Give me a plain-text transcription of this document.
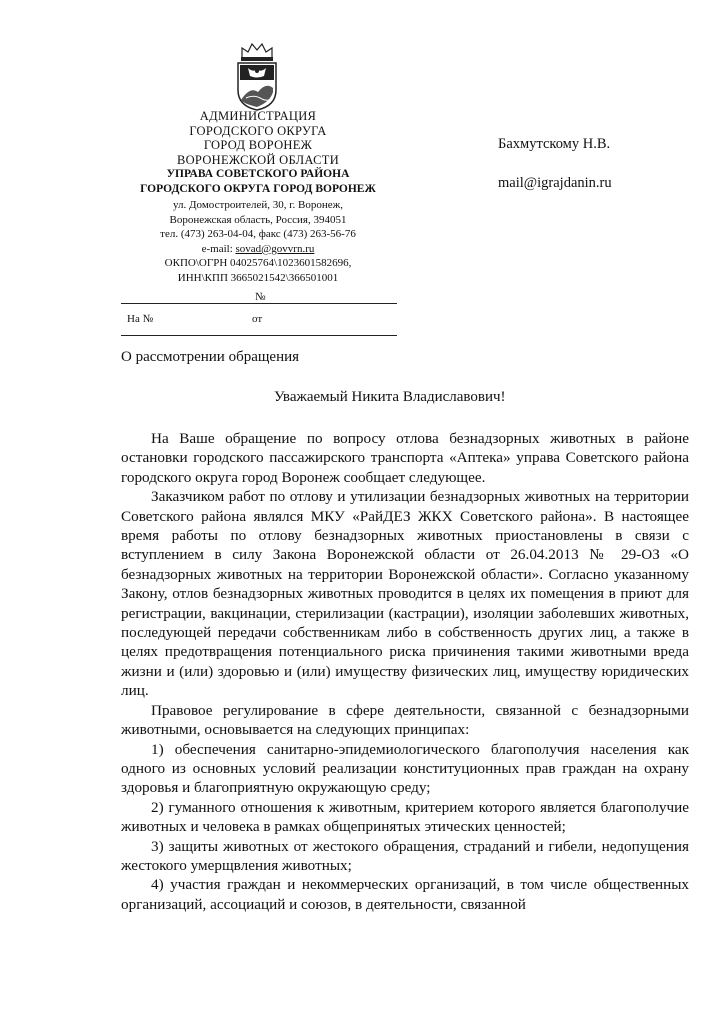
АДМИНИСТРАЦИЯ
ГОРОДСКОГО ОКРУГА
ГОРОД ВОРОНЕЖ
ВОРОНЕЖСКОЙ ОБЛАСТИ
УПРАВА СОВЕТСКОГО РАЙОНА
ГОРОДСКОГО ОКРУГА ГОРОД ВОРОНЕЖ
ул. Домостроителей, 30, г. Воронеж,
Воронежская область, Россия, 394051
тел. (473) 263-04-04, факс (473) 263-56-76
e-mail: sovad@govvrn.ru
ОКПО\ОГРН 04025764\1023601582696,
ИНН\КПП 3665021542\366501001
№
На №	от
Бахмутскому Н.В.
mail@igrajdanin.ru
О рассмотрении обращения
Уважаемый Никита Владиславович!

На Ваше обращение по вопросу отлова безнадзорных животных в районе остановки городского пассажирского транспорта «Аптека» управа Советского района городского округа город Воронеж сообщает следующее.

Заказчиком работ по отлову и утилизации безнадзорных животных на территории Советского района являлся МКУ «РайДЕЗ ЖКХ Советского района». В настоящее время работы по отлову безнадзорных животных приостановлены в связи с вступлением в силу Закона Воронежской области от 26.04.2013 № 29-ОЗ «О безнадзорных животных на территории Воронежской области». Согласно указанному Закону, отлов безнадзорных животных проводится в целях их помещения в приют для регистрации, вакцинации, стерилизации (кастрации), изоляции заболевших животных, последующей передачи собственникам либо в собственность других лиц, а также в целях предотвращения потенциального риска причинения такими животными вреда жизни и (или) здоровью и (или) имуществу физических лиц, имуществу юридических лиц.

Правовое регулирование в сфере деятельности, связанной с безнадзорными животными, основывается на следующих принципах:

1) обеспечения санитарно-эпидемиологического благополучия населения как одного из основных условий реализации конституционных прав граждан на охрану здоровья и благоприятную окружающую среду;

2) гуманного отношения к животным, критерием которого является благополучие животных и человека в рамках общепринятых этических ценностей;

3) защиты животных от жестокого обращения, страданий и гибели, недопущения жестокого умерщвления животных;

4) участия граждан и некоммерческих организаций, в том числе общественных организаций, ассоциаций и союзов, в деятельности, связанной
